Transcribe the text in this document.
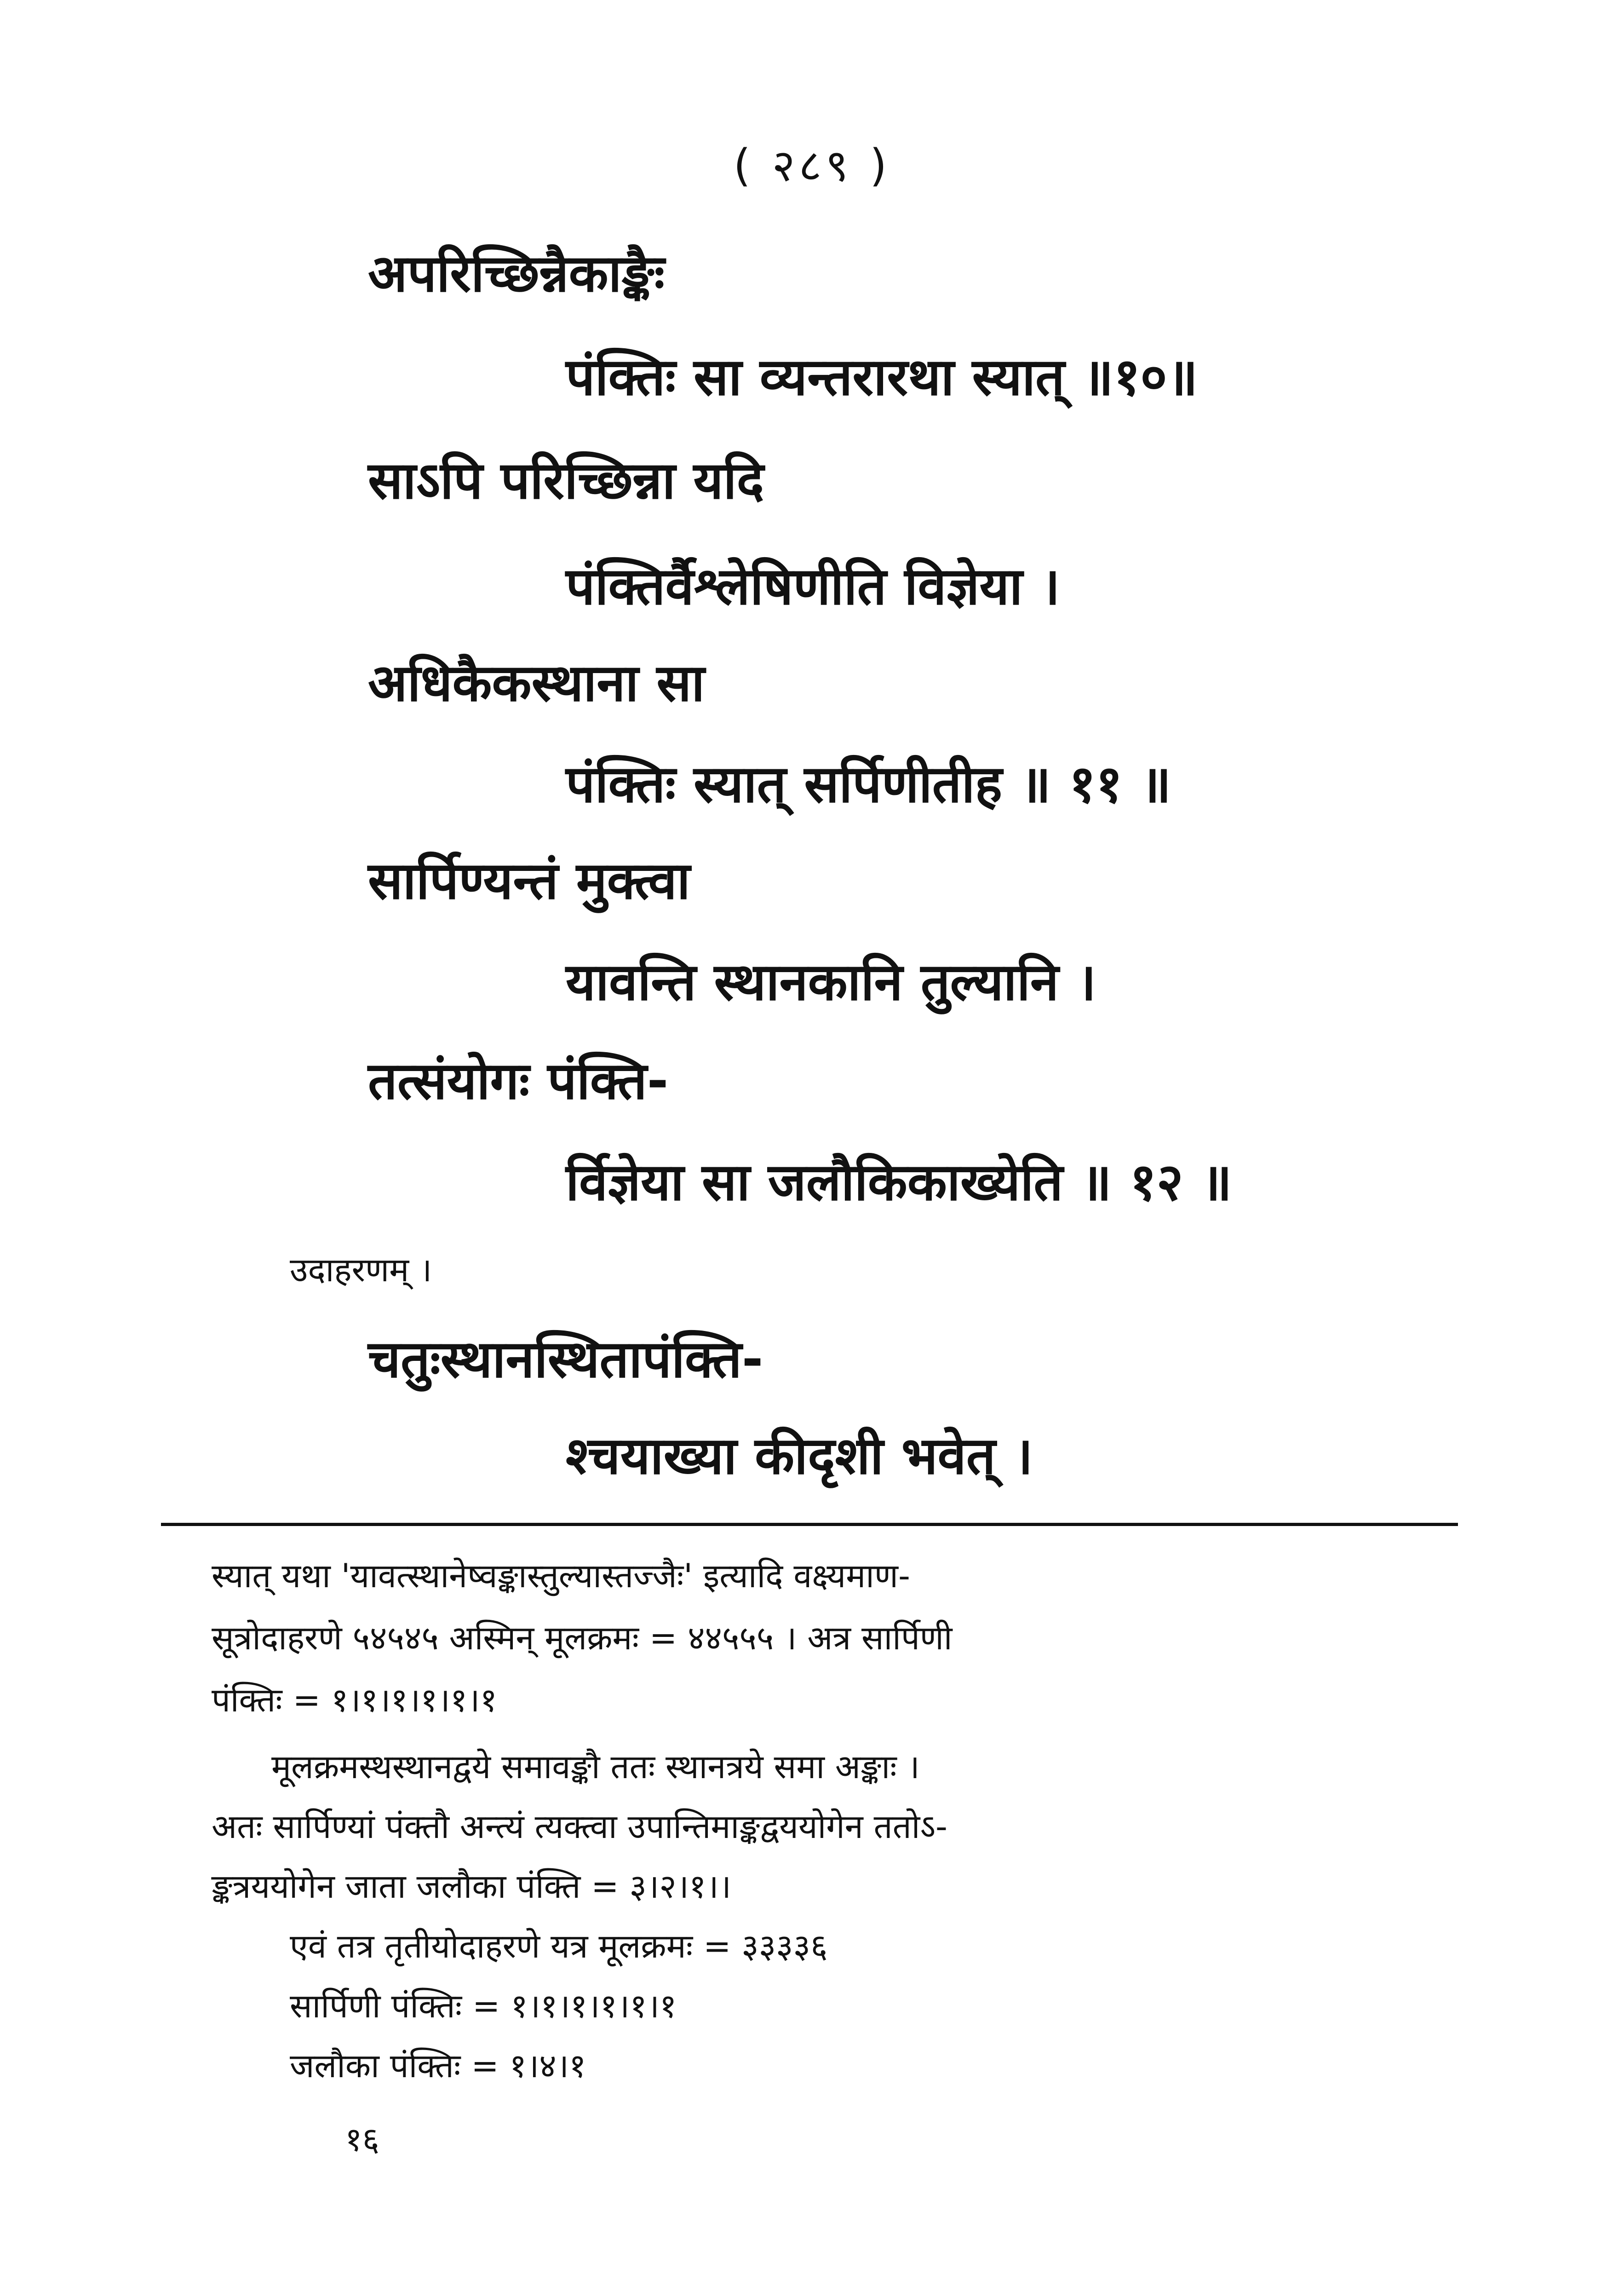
( २८९ )
अपरिच्छिन्नैकाङ्कैः
पंक्तिः सा व्यन्तरारथा स्यात् ॥१०॥
साऽपि परिच्छिन्ना यदि
पंक्तिर्वैश्लेषिणीति विज्ञेया ।
अधिकैकस्थाना सा
पंक्तिः स्यात् सर्पिणीतीह ॥ ११ ॥
सार्पिण्यन्तं मुक्त्वा
यावन्ति स्थानकानि तुल्यानि ।
तत्संयोगः पंक्ति-
र्विज्ञेया सा जलौकिकाख्येति ॥ १२ ॥
उदाहरणम् ।
चतुःस्थानस्थितापंक्ति-
श्चयाख्या कीदृशी भवेत् ।
स्यात् यथा 'यावत्स्थानेष्वङ्कास्तुल्यास्तज्जैः' इत्यादि वक्ष्यमाण-
सूत्रोदाहरणे ५४५४५ अस्मिन् मूलक्रमः = ४४५५५ । अत्र सार्पिणी
पंक्तिः = १।१।१।१।१।१
मूलक्रमस्थस्थानद्वये समावङ्कौ ततः स्थानत्रये समा अङ्काः ।
अतः सार्पिण्यां पंक्तौ अन्त्यं त्यक्त्वा उपान्तिमाङ्कद्वययोगेन ततोऽ-
ङ्कत्रययोगेन जाता जलौका पंक्ति = ३।२।१।।
एवं तत्र तृतीयोदाहरणे यत्र मूलक्रमः = ३३३३६
सार्पिणी पंक्तिः = १।१।१।१।१।१
जलौका पंक्तिः = १।४।१
१६
